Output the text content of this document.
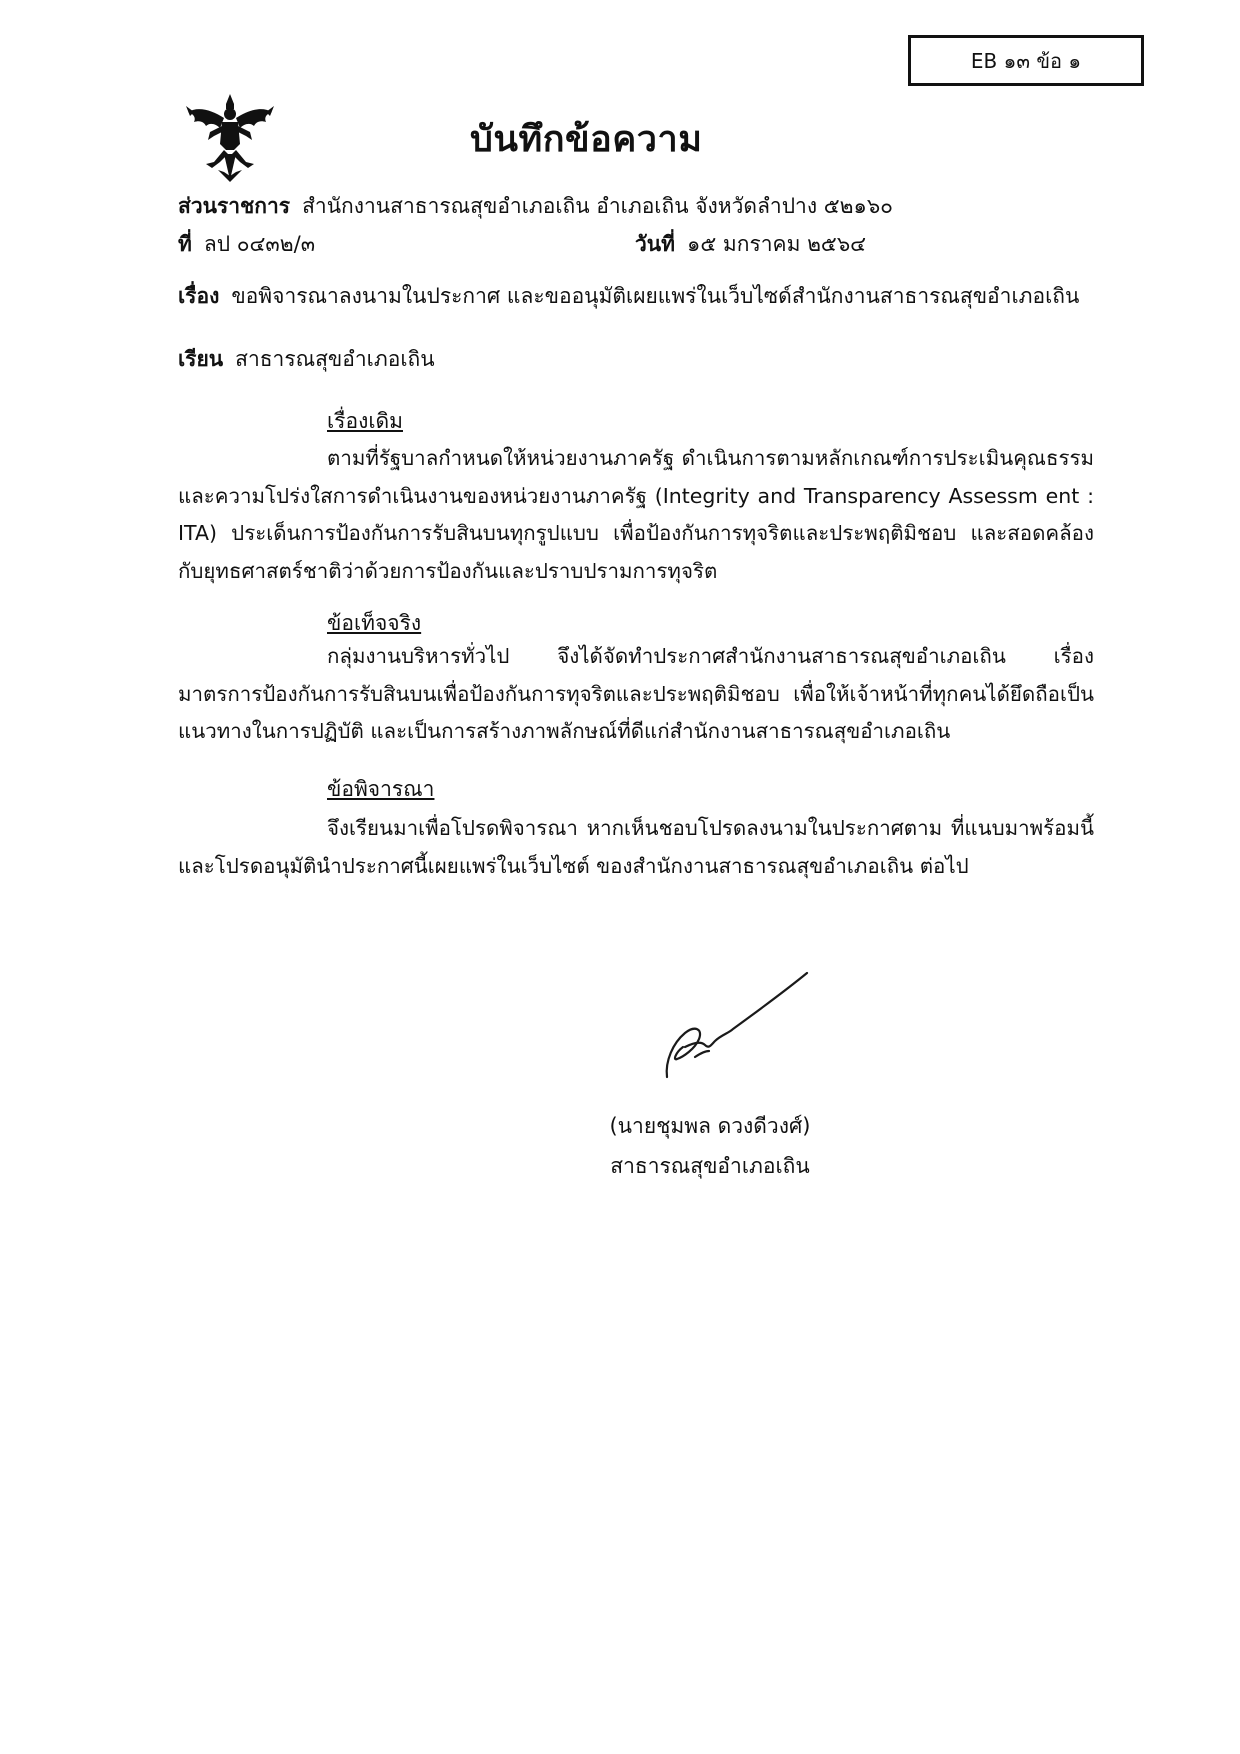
EB ๑๓ ข้อ ๑
บันทึกข้อความ
ส่วนราชการ สำนักงานสาธารณสุขอำเภอเถิน อำเภอเถิน จังหวัดลำปาง ๕๒๑๖๐
ที่ ลป ๐๔๓๒/๓	วันที่ ๑๕ มกราคม ๒๕๖๔
เรื่อง ขอพิจารณาลงนามในประกาศ และขออนุมัติเผยแพร่ในเว็บไซด์สำนักงานสาธารณสุขอำเภอเถิน
เรียน สาธารณสุขอำเภอเถิน
เรื่องเดิม
ตามที่รัฐบาลกำหนดให้หน่วยงานภาครัฐ ดำเนินการตามหลักเกณฑ์การประเมินคุณธรรมและความโปร่งใสการดำเนินงานของหน่วยงานภาครัฐ (Integrity and Transparency Assessm ent : ITA) ประเด็นการป้องกันการรับสินบนทุกรูปแบบ เพื่อป้องกันการทุจริตและประพฤติมิชอบ และสอดคล้องกับยุทธศาสตร์ชาติว่าด้วยการป้องกันและปราบปรามการทุจริต
ข้อเท็จจริง
กลุ่มงานบริหารทั่วไป จึงได้จัดทำประกาศสำนักงานสาธารณสุขอำเภอเถิน เรื่อง มาตรการป้องกันการรับสินบนเพื่อป้องกันการทุจริตและประพฤติมิชอบ เพื่อให้เจ้าหน้าที่ทุกคนได้ยึดถือเป็นแนวทางในการปฏิบัติ และเป็นการสร้างภาพลักษณ์ที่ดีแก่สำนักงานสาธารณสุขอำเภอเถิน
ข้อพิจารณา
จึงเรียนมาเพื่อโปรดพิจารณา หากเห็นชอบโปรดลงนามในประกาศตาม ที่แนบมาพร้อมนี้ และโปรดอนุมัตินำประกาศนี้เผยแพร่ในเว็บไซต์ ของสำนักงานสาธารณสุขอำเภอเถิน ต่อไป
(นายชุมพล ดวงดีวงศ์)
สาธารณสุขอำเภอเถิน
